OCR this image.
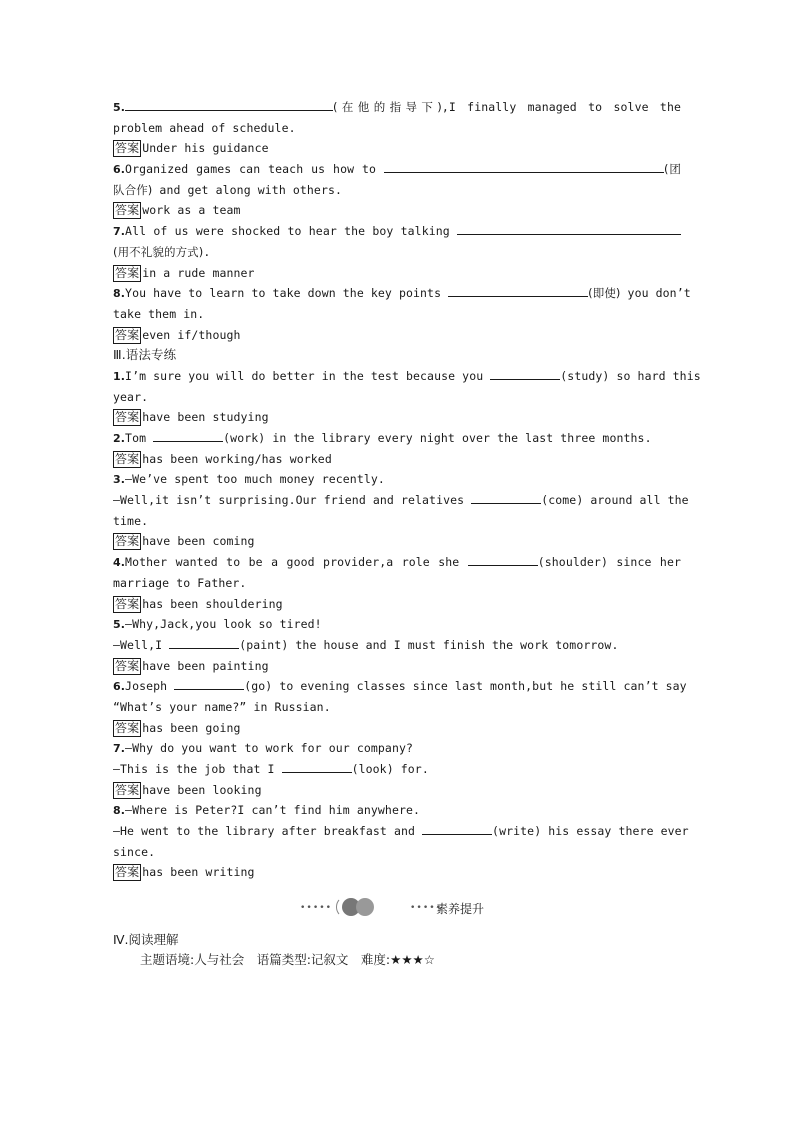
5.	(在他的指导下),I finally managed to solve the
problem ahead of schedule.
答案 Under his guidance
6.Organized games can teach us how to	(团
队合作) and get along with others.
答案 work as a team
7.All of us were shocked to hear the boy talking
(用不礼貌的方式).
答案 in a rude manner
8.You have to learn to take down the key points	(即使) you don’t
take them in.
答案 even if/though
Ⅲ.语法专练
1.I’m sure you will do better in the test because you	(study) so hard this
year.
答案 have been studying
2.Tom	(work) in the library every night over the last three months.
答案 has been working/has worked
3.—We’ve spent too much money recently.
—Well,it isn’t surprising.Our friend and relatives	(come) around all the
time.
答案 have been coming
4.Mother wanted to be a good provider,a role she	(shoulder) since her
marriage to Father.
答案 has been shouldering
5.—Why,Jack,you look so tired!
—Well,I	(paint) the house and I must finish the work tomorrow.
答案 have been painting
6.Joseph	(go) to evening classes since last month,but he still can’t say
“What’s your name?” in Russian.
答案 has been going
7.—Why do you want to work for our company?
—This is the job that I	(look) for.
答案 have been looking
8.—Where is Peter?I can’t find him anywhere.
—He went to the library after breakfast and	(write) his essay there ever
since.
答案 has been writing
•••••	•••••
素养提升
Ⅳ.阅读理解
主题语境:人与社会　语篇类型:记叙文　难度:★★★☆
